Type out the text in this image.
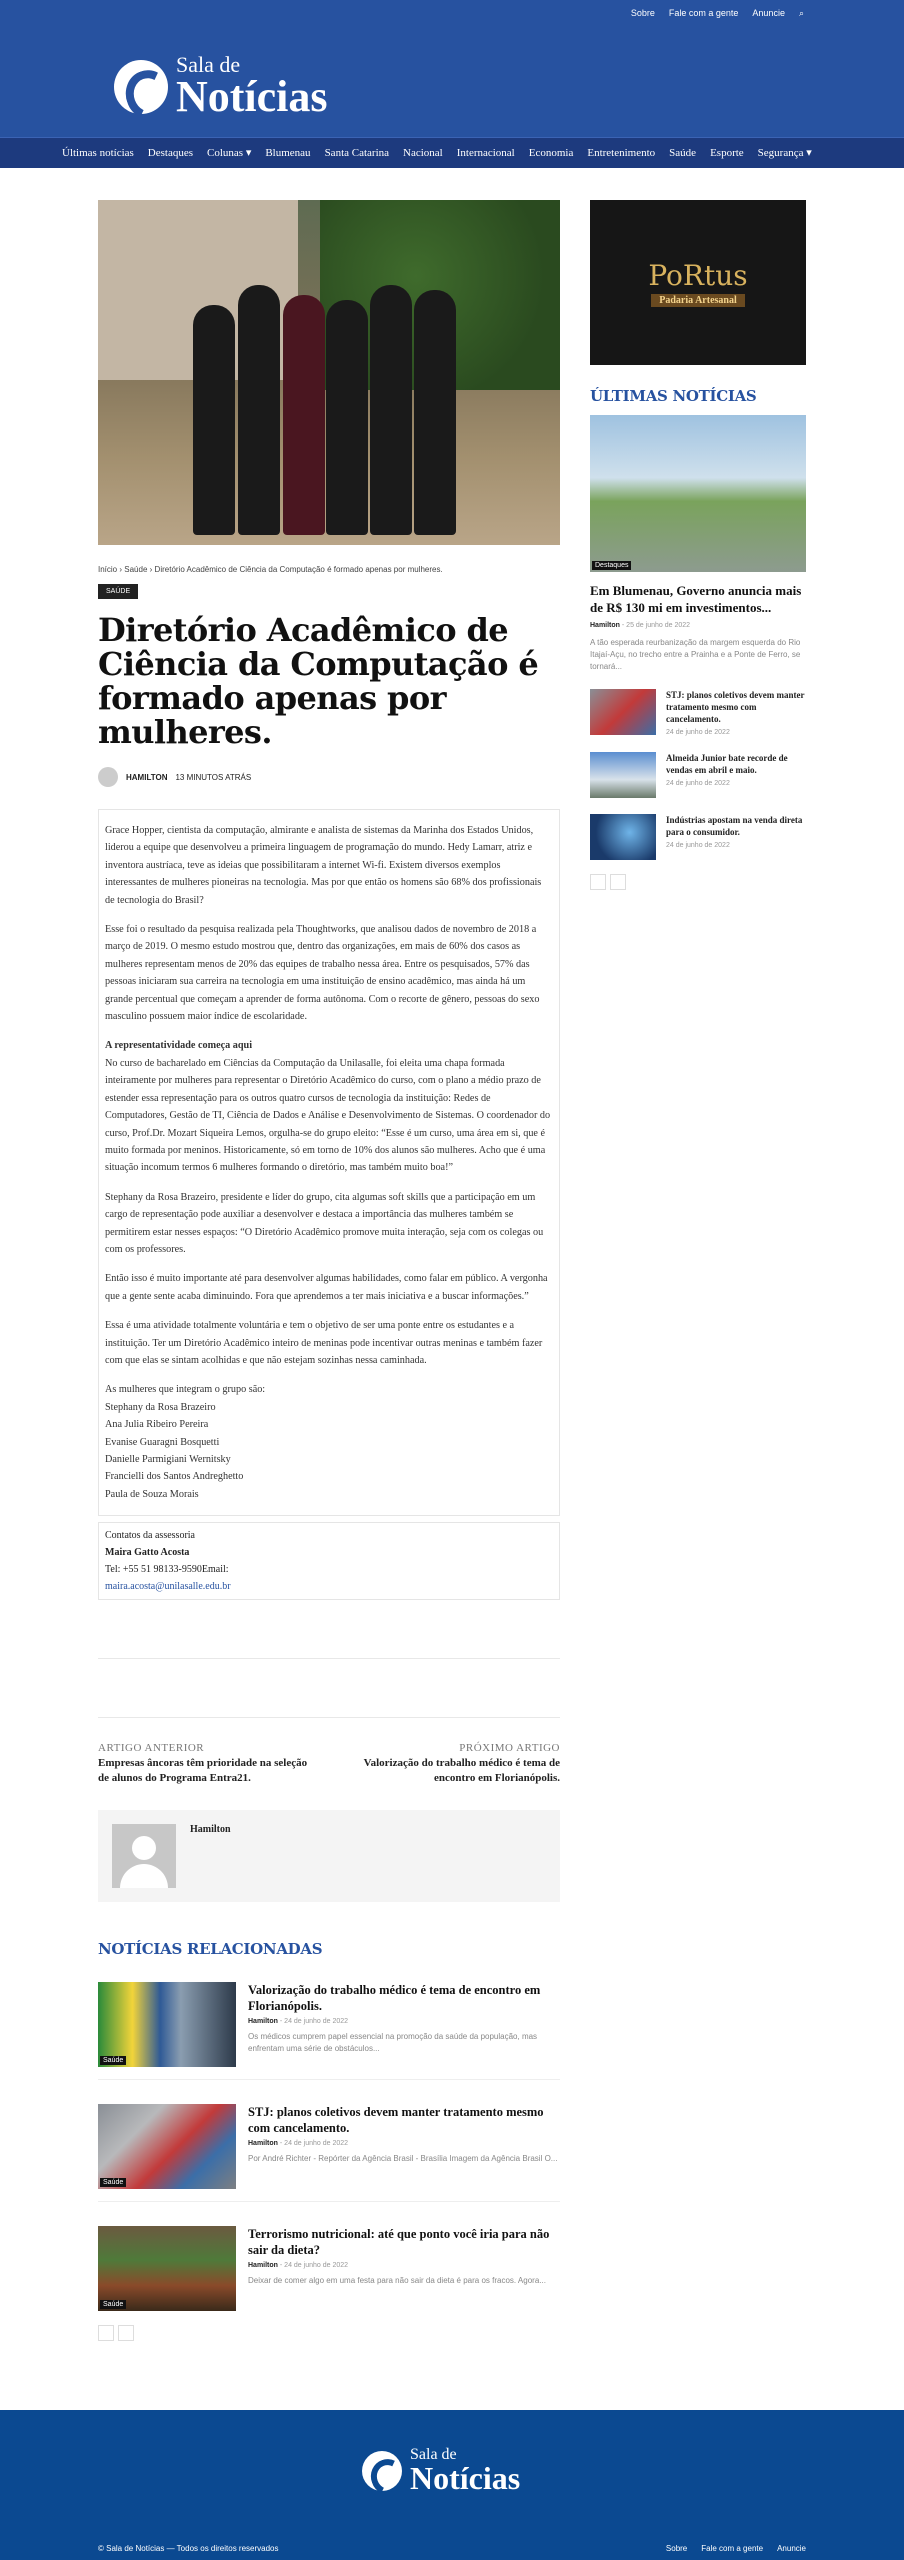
Sobre Fale com a gente Anuncie ⌕
Sala de
Notícias
Últimas notícias Destaques Colunas ▾ Blumenau Santa Catarina Nacional Internacional Economia Entretenimento Saúde Esporte Segurança ▾
Início › Saúde › Diretório Acadêmico de Ciência da Computação é formado apenas por mulheres.
SAÚDE
Diretório Acadêmico de Ciência da Computação é formado apenas por mulheres.
HAMILTON 13 MINUTOS ATRÁS

Grace Hopper, cientista da computação, almirante e analista de sistemas da Marinha dos Estados Unidos, liderou a equipe que desenvolveu a primeira linguagem de programação do mundo. Hedy Lamarr, atriz e inventora austríaca, teve as ideias que possibilitaram a internet Wi-fi. Existem diversos exemplos interessantes de mulheres pioneiras na tecnologia. Mas por que então os homens são 68% dos profissionais de tecnologia do Brasil?

Esse foi o resultado da pesquisa realizada pela Thoughtworks, que analisou dados de novembro de 2018 a março de 2019. O mesmo estudo mostrou que, dentro das organizações, em mais de 60% dos casos as mulheres representam menos de 20% das equipes de trabalho nessa área. Entre os pesquisados, 57% das pessoas iniciaram sua carreira na tecnologia em uma instituição de ensino acadêmico, mas ainda há um grande percentual que começam a aprender de forma autônoma. Com o recorte de gênero, pessoas do sexo masculino possuem maior índice de escolaridade.

A representatividade começa aqui

No curso de bacharelado em Ciências da Computação da Unilasalle, foi eleita uma chapa formada inteiramente por mulheres para representar o Diretório Acadêmico do curso, com o plano a médio prazo de estender essa representação para os outros quatro cursos de tecnologia da instituição: Redes de Computadores, Gestão de TI, Ciência de Dados e Análise e Desenvolvimento de Sistemas. O coordenador do curso, Prof.Dr. Mozart Siqueira Lemos, orgulha-se do grupo eleito: “Esse é um curso, uma área em si, que é muito formada por meninos. Historicamente, só em torno de 10% dos alunos são mulheres. Acho que é uma situação incomum termos 6 mulheres formando o diretório, mas também muito boa!”

Stephany da Rosa Brazeiro, presidente e líder do grupo, cita algumas soft skills que a participação em um cargo de representação pode auxiliar a desenvolver e destaca a importância das mulheres também se permitirem estar nesses espaços: “O Diretório Acadêmico promove muita interação, seja com os colegas ou com os professores.

Então isso é muito importante até para desenvolver algumas habilidades, como falar em público. A vergonha que a gente sente acaba diminuindo. Fora que aprendemos a ter mais iniciativa e a buscar informações.”

Essa é uma atividade totalmente voluntária e tem o objetivo de ser uma ponte entre os estudantes e a instituição. Ter um Diretório Acadêmico inteiro de meninas pode incentivar outras meninas e também fazer com que elas se sintam acolhidas e que não estejam sozinhas nessa caminhada.

As mulheres que integram o grupo são:
Stephany da Rosa Brazeiro
Ana Julia Ribeiro Pereira
Evanise Guaragni Bosquetti
Danielle Parmigiani Wernitsky
Francielli dos Santos Andreghetto
Paula de Souza Morais
Contatos da assessoria
Maira Gatto Acosta
Tel: +55 51 98133-9590Email:
maira.acosta@unilasalle.edu.br
ARTIGO ANTERIOR
Empresas âncoras têm prioridade na seleção de alunos do Programa Entra21.
PRÓXIMO ARTIGO
Valorização do trabalho médico é tema de encontro em Florianópolis.
Hamilton
NOTÍCIAS RELACIONADAS
Saúde
Valorização do trabalho médico é tema de encontro em Florianópolis.
Hamilton - 24 de junho de 2022
Os médicos cumprem papel essencial na promoção da saúde da população, mas enfrentam uma série de obstáculos...
Saúde
STJ: planos coletivos devem manter tratamento mesmo com cancelamento.
Hamilton - 24 de junho de 2022
Por André Richter - Repórter da Agência Brasil - Brasília Imagem da Agência Brasil O...
Saúde
Terrorismo nutricional: até que ponto você iria para não sair da dieta?
Hamilton - 24 de junho de 2022
Deixar de comer algo em uma festa para não sair da dieta é para os fracos. Agora...
PoRtus
Padaria Artesanal
ÚLTIMAS NOTÍCIAS
Destaques
Em Blumenau, Governo anuncia mais de R$ 130 mi em investimentos...
Hamilton - 25 de junho de 2022
A tão esperada reurbanização da margem esquerda do Rio Itajaí-Açu, no trecho entre a Prainha e a Ponte de Ferro, se tornará...
STJ: planos coletivos devem manter tratamento mesmo com cancelamento.
24 de junho de 2022
Almeida Junior bate recorde de vendas em abril e maio.
24 de junho de 2022
Indústrias apostam na venda direta para o consumidor.
24 de junho de 2022
Sala de
Notícias
© Sala de Notícias — Todos os direitos reservados	Sobre Fale com a gente Anuncie
